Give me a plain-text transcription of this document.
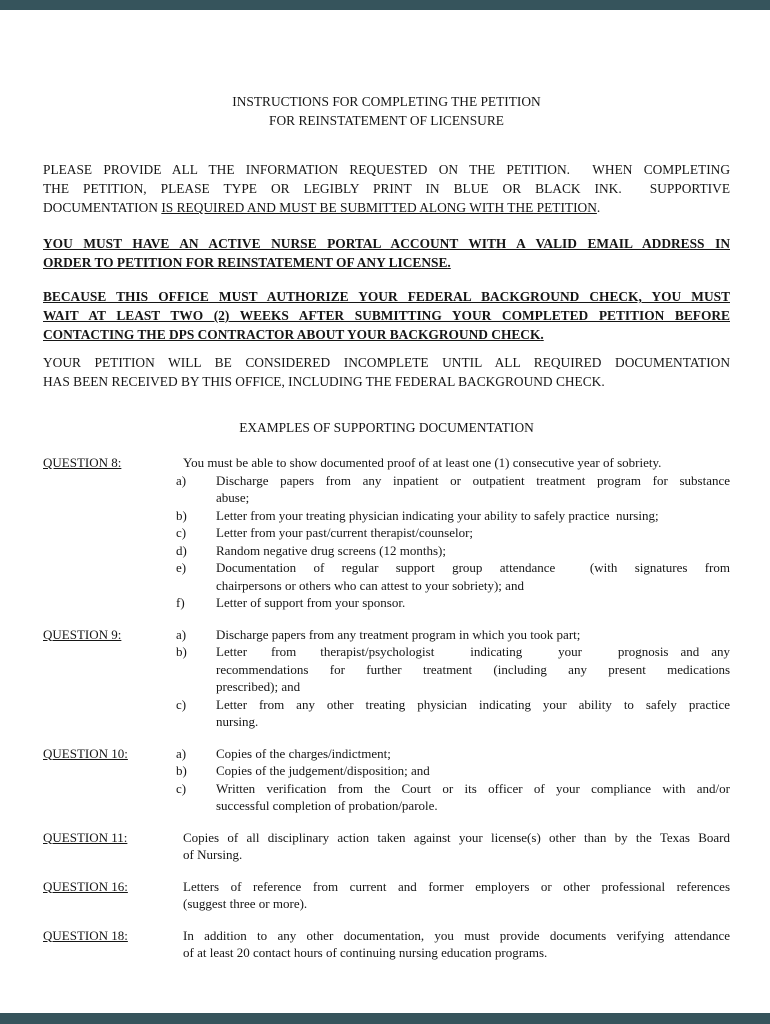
INSTRUCTIONS FOR COMPLETING THE PETITION
FOR REINSTATEMENT OF LICENSURE
PLEASE PROVIDE ALL THE INFORMATION REQUESTED ON THE PETITION.  WHEN COMPLETING
THE PETITION, PLEASE TYPE OR LEGIBLY PRINT IN BLUE OR BLACK INK.  SUPPORTIVE
DOCUMENTATION IS REQUIRED AND MUST BE SUBMITTED ALONG WITH THE PETITION.
YOU MUST HAVE AN ACTIVE NURSE PORTAL ACCOUNT WITH A VALID EMAIL ADDRESS IN
ORDER TO PETITION FOR REINSTATEMENT OF ANY LICENSE.
BECAUSE THIS OFFICE MUST AUTHORIZE YOUR FEDERAL BACKGROUND CHECK, YOU MUST
WAIT AT LEAST TWO (2) WEEKS AFTER SUBMITTING YOUR COMPLETED PETITION BEFORE
CONTACTING THE DPS CONTRACTOR ABOUT YOUR BACKGROUND CHECK.
YOUR PETITION WILL BE CONSIDERED INCOMPLETE UNTIL ALL REQUIRED DOCUMENTATION
HAS BEEN RECEIVED BY THIS OFFICE, INCLUDING THE FEDERAL BACKGROUND CHECK.
EXAMPLES OF SUPPORTING DOCUMENTATION
QUESTION 8:	You must be able to show documented proof of at least one (1) consecutive year of sobriety.
a)	Discharge papers from any inpatient or outpatient treatment program for substance
abuse;
b)	Letter from your treating physician indicating your ability to safely practice  nursing;
c)	Letter from your past/current therapist/counselor;
d)	Random negative drug screens (12 months);
e)	Documentation of regular support group attendance  (with signatures from
chairpersons or others who can attest to your sobriety); and
f)	Letter of support from your sponsor.
QUESTION 9:	a)	Discharge papers from any treatment program in which you took part;
b)	Letter  from  therapist/psychologist   indicating   your   prognosis and any
recommendations  for  further  treatment  (including  any  present  medications
prescribed); and
c)	Letter from any other treating physician indicating your ability to safely practice
nursing.
QUESTION 10:	a)	Copies of the charges/indictment;
b)	Copies of the judgement/disposition; and
c)	Written verification from the Court or its officer of your compliance with and/or
successful completion of probation/parole.
QUESTION 11:	Copies of all disciplinary action taken against your license(s) other than by the Texas Board
of Nursing.
QUESTION 16:	Letters of reference from current and former employers or other professional references
(suggest three or more).
QUESTION 18:	In addition to any other documentation, you must provide documents verifying attendance
of at least 20 contact hours of continuing nursing education programs.
